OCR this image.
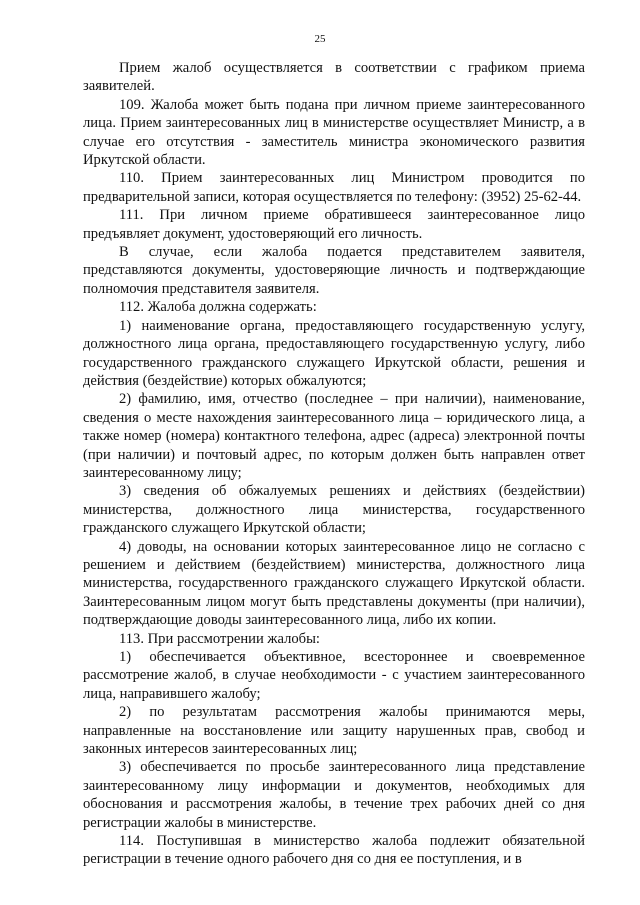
25

Прием жалоб осуществляется в соответствии с графиком приема заявителей.

109. Жалоба может быть подана при личном приеме заинтересованного лица. Прием заинтересованных лиц в министерстве осуществляет Министр, а в случае его отсутствия - заместитель министра экономического развития Иркутской области.

110. Прием заинтересованных лиц Министром проводится по предварительной записи, которая осуществляется по телефону: (3952) 25-62-44.

111. При личном приеме обратившееся заинтересованное лицо предъявляет документ, удостоверяющий его личность.

В случае, если жалоба подается представителем заявителя, представляются документы, удостоверяющие личность и подтверждающие полномочия представителя заявителя.

112. Жалоба должна содержать:

1) наименование органа, предоставляющего государственную услугу, должностного лица органа, предоставляющего государственную услугу, либо государственного гражданского служащего Иркутской области, решения и действия (бездействие) которых обжалуются;

2) фамилию, имя, отчество (последнее – при наличии), наименование, сведения о месте нахождения заинтересованного лица – юридического лица, а также номер (номера) контактного телефона, адрес (адреса) электронной почты (при наличии) и почтовый адрес, по которым должен быть направлен ответ заинтересованному лицу;

3) сведения об обжалуемых решениях и действиях (бездействии) министерства, должностного лица министерства, государственного гражданского служащего Иркутской области;

4) доводы, на основании которых заинтересованное лицо не согласно с решением и действием (бездействием) министерства, должностного лица министерства, государственного гражданского служащего Иркутской области. Заинтересованным лицом могут быть представлены документы (при наличии), подтверждающие доводы заинтересованного лица, либо их копии.

113. При рассмотрении жалобы:

1) обеспечивается объективное, всестороннее и своевременное рассмотрение жалоб, в случае необходимости - с участием заинтересованного лица, направившего жалобу;

2) по результатам рассмотрения жалобы принимаются меры, направленные на восстановление или защиту нарушенных прав, свобод и законных интересов заинтересованных лиц;

3) обеспечивается по просьбе заинтересованного лица представление заинтересованному лицу информации и документов, необходимых для обоснования и рассмотрения жалобы, в течение трех рабочих дней со дня регистрации жалобы в министерстве.

114. Поступившая в министерство жалоба подлежит обязательной регистрации в течение одного рабочего дня со дня ее поступления, и в
